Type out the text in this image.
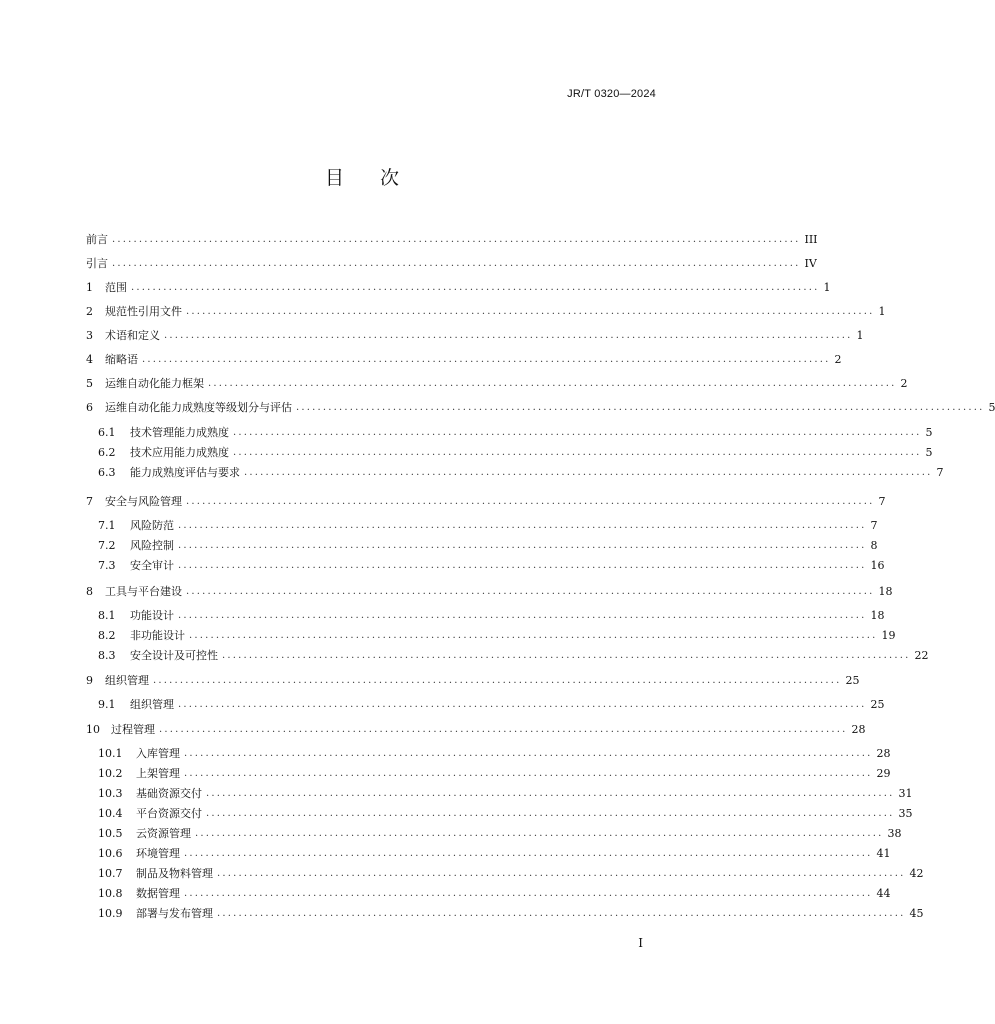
JR/T 0320—2024
目次
前言 ................................................................................................................................ III
引言 ................................................................................................................................ IV
1	范围 ................................................................................................................................ 1
2	规范性引用文件 ................................................................................................................................ 1
3	术语和定义 ................................................................................................................................ 1
4	缩略语 ................................................................................................................................ 2
5	运维自动化能力框架 ................................................................................................................................ 2
6	运维自动化能力成熟度等级划分与评估 ................................................................................................................................ 5
6.1	技术管理能力成熟度 ................................................................................................................................ 5
6.2	技术应用能力成熟度 ................................................................................................................................ 5
6.3	能力成熟度评估与要求 ................................................................................................................................ 7
7	安全与风险管理 ................................................................................................................................ 7
7.1	风险防范 ................................................................................................................................ 7
7.2	风险控制 ................................................................................................................................ 8
7.3	安全审计 ................................................................................................................................ 16
8	工具与平台建设 ................................................................................................................................ 18
8.1	功能设计 ................................................................................................................................ 18
8.2	非功能设计 ................................................................................................................................ 19
8.3	安全设计及可控性 ................................................................................................................................ 22
9	组织管理 ................................................................................................................................ 25
9.1	组织管理 ................................................................................................................................ 25
10	过程管理 ................................................................................................................................ 28
10.1	入库管理 ................................................................................................................................ 28
10.2	上架管理 ................................................................................................................................ 29
10.3	基础资源交付 ................................................................................................................................ 31
10.4	平台资源交付 ................................................................................................................................ 35
10.5	云资源管理 ................................................................................................................................ 38
10.6	环境管理 ................................................................................................................................ 41
10.7	制品及物料管理 ................................................................................................................................ 42
10.8	数据管理 ................................................................................................................................ 44
10.9	部署与发布管理 ................................................................................................................................ 45
I
